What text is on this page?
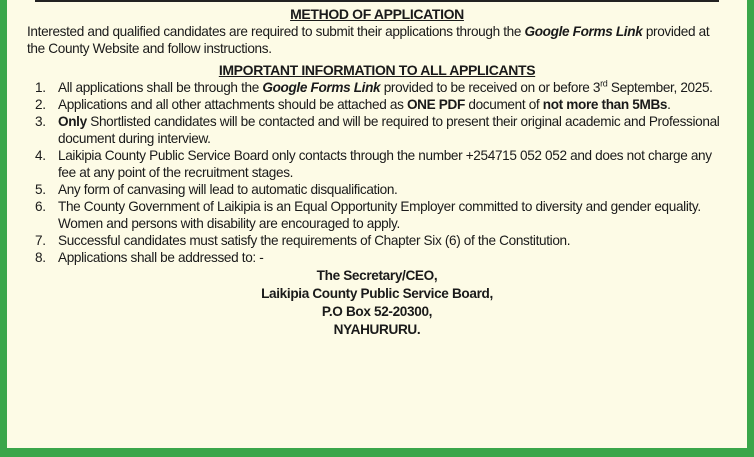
METHOD OF APPLICATION

Interested and qualified candidates are required to submit their applications through the Google Forms Link provided at the County Website and follow instructions.

IMPORTANT INFORMATION TO ALL APPLICANTS
1. All applications shall be through the Google Forms Link provided to be received on or before 3rd September, 2025.
2. Applications and all other attachments should be attached as ONE PDF document of not more than 5MBs.
3. Only Shortlisted candidates will be contacted and will be required to present their original academic and Professional document during interview.
4. Laikipia County Public Service Board only contacts through the number +254715 052 052 and does not charge any fee at any point of the recruitment stages.
5. Any form of canvasing will lead to automatic disqualification.
6. The County Government of Laikipia is an Equal Opportunity Employer committed to diversity and gender equality. Women and persons with disability are encouraged to apply.
7. Successful candidates must satisfy the requirements of Chapter Six (6) of the Constitution.
8. Applications shall be addressed to: -
The Secretary/CEO,
Laikipia County Public Service Board,
P.O Box 52-20300,
NYAHURURU.
